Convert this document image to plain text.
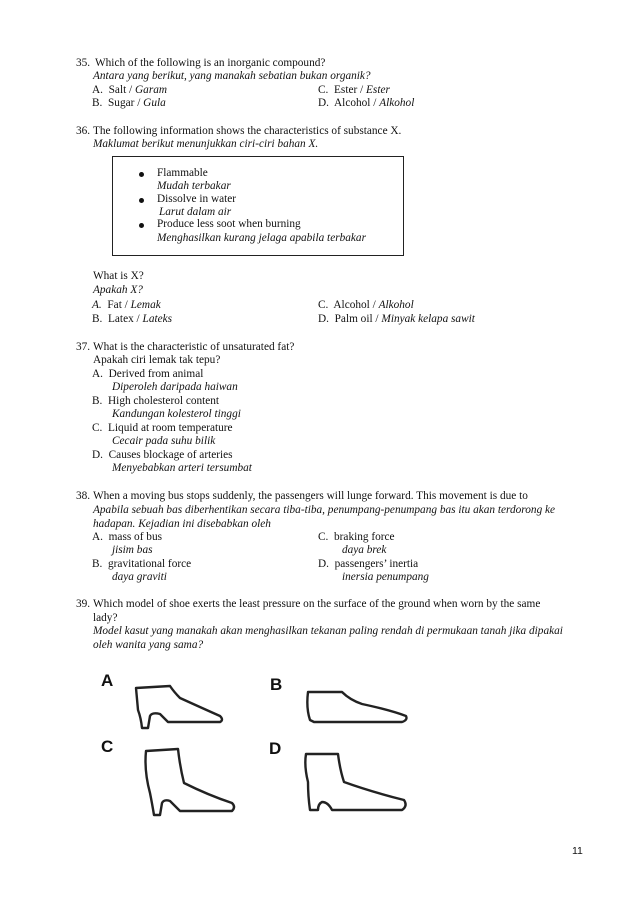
35. Which of the following is an inorganic compound?
Antara yang berikut, yang manakah sebatian bukan organik?
A. Salt / Garam
B. Sugar / Gula
C. Ester / Ester
D. Alcohol / Alkohol
36. The following information shows the characteristics of substance X.
Maklumat berikut menunjukkan ciri-ciri bahan X.
Flammable
Mudah terbakar
Dissolve in water
Larut dalam air
Produce less soot when burning
Menghasilkan kurang jelaga apabila terbakar
What is X?
Apakah X?
A. Fat / Lemak
B. Latex / Lateks
C. Alcohol / Alkohol
D. Palm oil / Minyak kelapa sawit
37. What is the characteristic of unsaturated fat?
Apakah ciri lemak tak tepu?
A. Derived from animal
Diperoleh daripada haiwan
B. High cholesterol content
Kandungan kolesterol tinggi
C. Liquid at room temperature
Cecair pada suhu bilik
D. Causes blockage of arteries
Menyebabkan arteri tersumbat
38. When a moving bus stops suddenly, the passengers will lunge forward. This movement is due to
Apabila sebuah bas diberhentikan secara tiba-tiba, penumpang-penumpang bas itu akan terdorong ke
hadapan. Kejadian ini disebabkan oleh
A. mass of bus
jisim bas
B. gravitational force
daya graviti
C. braking force
daya brek
D. passengers’ inertia
inersia penumpang
39. Which model of shoe exerts the least pressure on the surface of the ground when worn by the same
lady?
Model kasut yang manakah akan menghasilkan tekanan paling rendah di permukaan tanah jika dipakai
oleh wanita yang sama?
A	B
C	D
11
